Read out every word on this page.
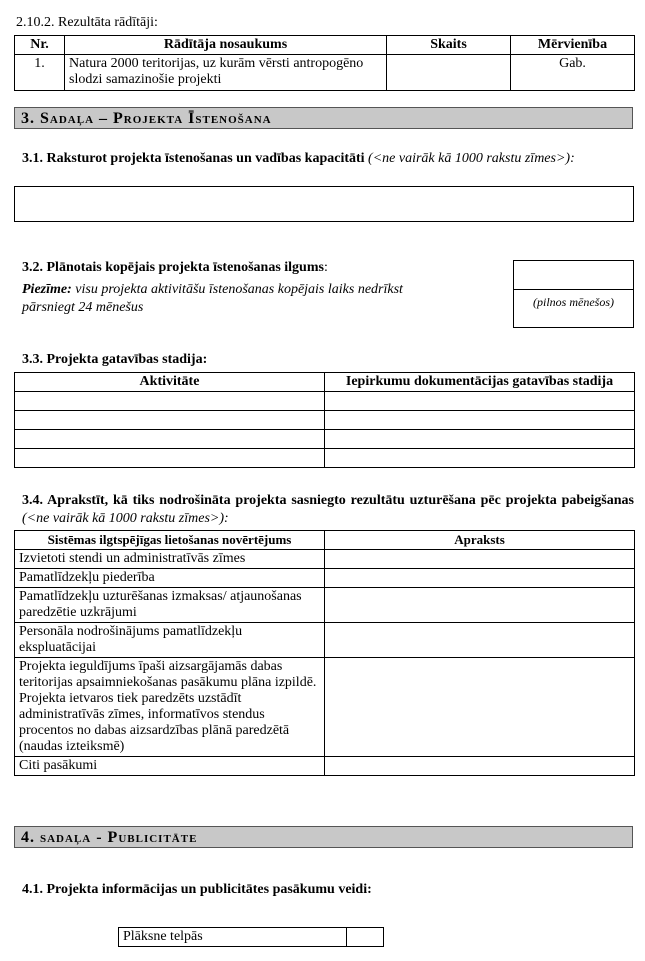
2.10.2. Rezultāta rādītāji:
Nr.	Rādītāja nosaukums	Skaits	Mērvienība
1.	Natura 2000 teritorijas, uz kurām vērsti antropogēno slodzi samazinošie projekti		Gab.
3. Sadaļa – Projekta Īstenošana
3.1. Raksturot projekta īstenošanas un vadības kapacitāti (<ne vairāk kā 1000 rakstu zīmes>):
3.2. Plānotais kopējais projekta īstenošanas ilgums:
Piezīme: visu projekta aktivitāšu īstenošanas kopējais laiks nedrīkst pārsniegt 24 mēnešus	(pilnos mēnešos)
3.3. Projekta gatavības stadija:
Aktivitāte	Iepirkumu dokumentācijas gatavības stadija

3.4. Aprakstīt, kā tiks nodrošināta projekta sasniegto rezultātu uzturēšana pēc projekta pabeigšanas (<ne vairāk kā 1000 rakstu zīmes>):
Sistēmas ilgtspējīgas lietošanas novērtējums	Apraksts
Izvietoti stendi un administratīvās zīmes	
Pamatlīdzekļu piederība	
Pamatlīdzekļu uzturēšanas izmaksas/ atjaunošanas paredzētie uzkrājumi	
Personāla nodrošinājums pamatlīdzekļu ekspluatācijai	
Projekta ieguldījums īpaši aizsargājamās dabas teritorijas apsaimniekošanas pasākumu plāna izpildē. Projekta ietvaros tiek paredzēts uzstādīt administratīvās zīmes, informatīvos stendus procentos no dabas aizsardzības plānā paredzētā (naudas izteiksmē)	
Citi pasākumi	
4. sadaļa - Publicitāte
4.1. Projekta informācijas un publicitātes pasākumu veidi:
Plāksne telpās	
